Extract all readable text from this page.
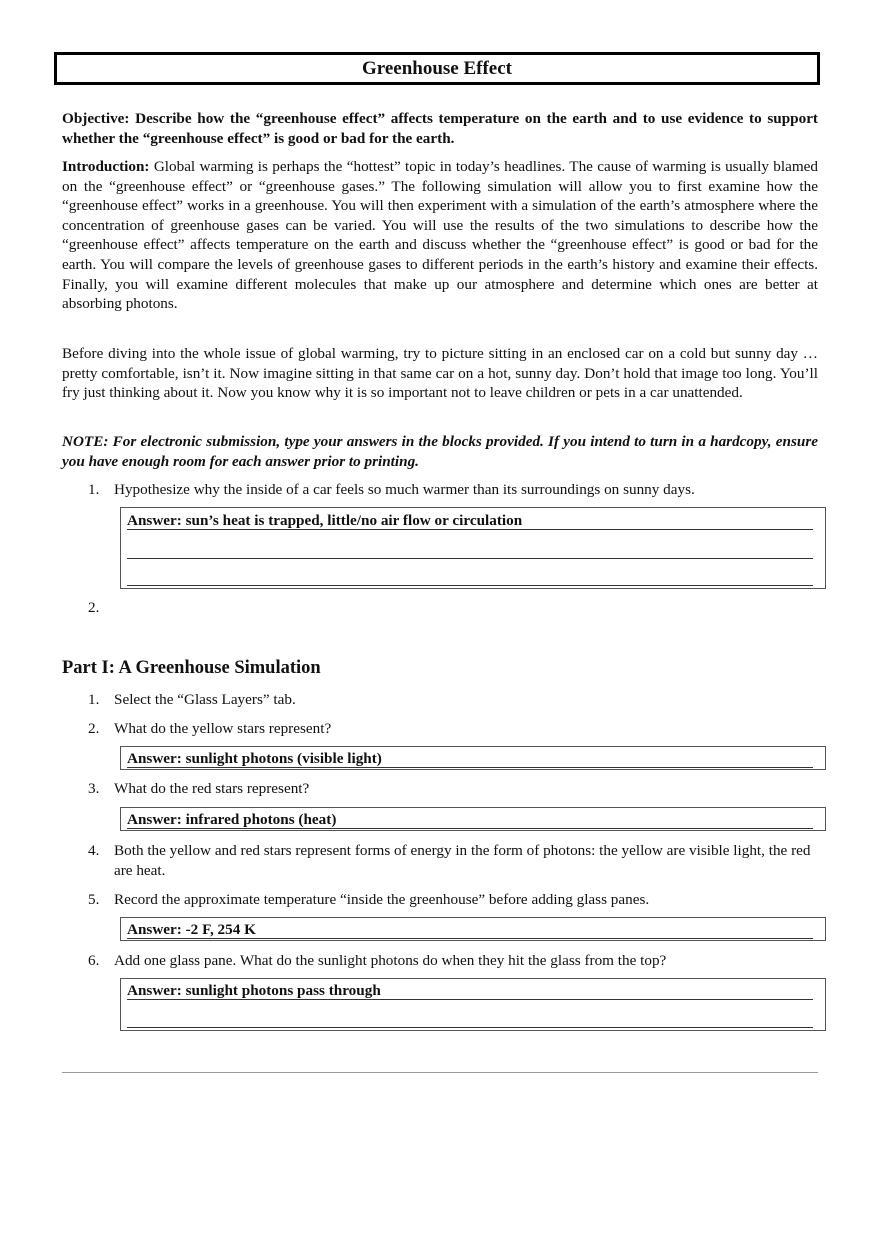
Greenhouse Effect

Objective: Describe how the “greenhouse effect” affects temperature on the earth and to use evidence to support whether the “greenhouse effect” is good or bad for the earth.

Introduction: Global warming is perhaps the “hottest” topic in today’s headlines. The cause of warming is usually blamed on the “greenhouse effect” or “greenhouse gases.” The following simulation will allow you to first examine how the “greenhouse effect” works in a greenhouse. You will then experiment with a simulation of the earth’s atmosphere where the concentration of greenhouse gases can be varied. You will use the results of the two simulations to describe how the “greenhouse effect” affects temperature on the earth and discuss whether the “greenhouse effect” is good or bad for the earth. You will compare the levels of greenhouse gases to different periods in the earth’s history and examine their effects. Finally, you will examine different molecules that make up our atmosphere and determine which ones are better at absorbing photons.

Before diving into the whole issue of global warming, try to picture sitting in an enclosed car on a cold but sunny day … pretty comfortable, isn’t it. Now imagine sitting in that same car on a hot, sunny day. Don’t hold that image too long. You’ll fry just thinking about it. Now you know why it is so important not to leave children or pets in a car unattended.

NOTE: For electronic submission, type your answers in the blocks provided. If you intend to turn in a hardcopy, ensure you have enough room for each answer prior to printing.

1. Hypothesize why the inside of a car feels so much warmer than its surroundings on sunny days.
Answer: sun’s heat is trapped, little/no air flow or circulation
2.
Part I: A Greenhouse Simulation
1. Select the “Glass Layers” tab.
2. What do the yellow stars represent?
Answer: sunlight photons (visible light)
3. What do the red stars represent?
Answer: infrared photons (heat)
4. Both the yellow and red stars represent forms of energy in the form of photons: the yellow are visible light, the red are heat.
5. Record the approximate temperature “inside the greenhouse” before adding glass panes.
Answer: -2 F, 254 K
6. Add one glass pane. What do the sunlight photons do when they hit the glass from the top?
Answer: sunlight photons pass through
